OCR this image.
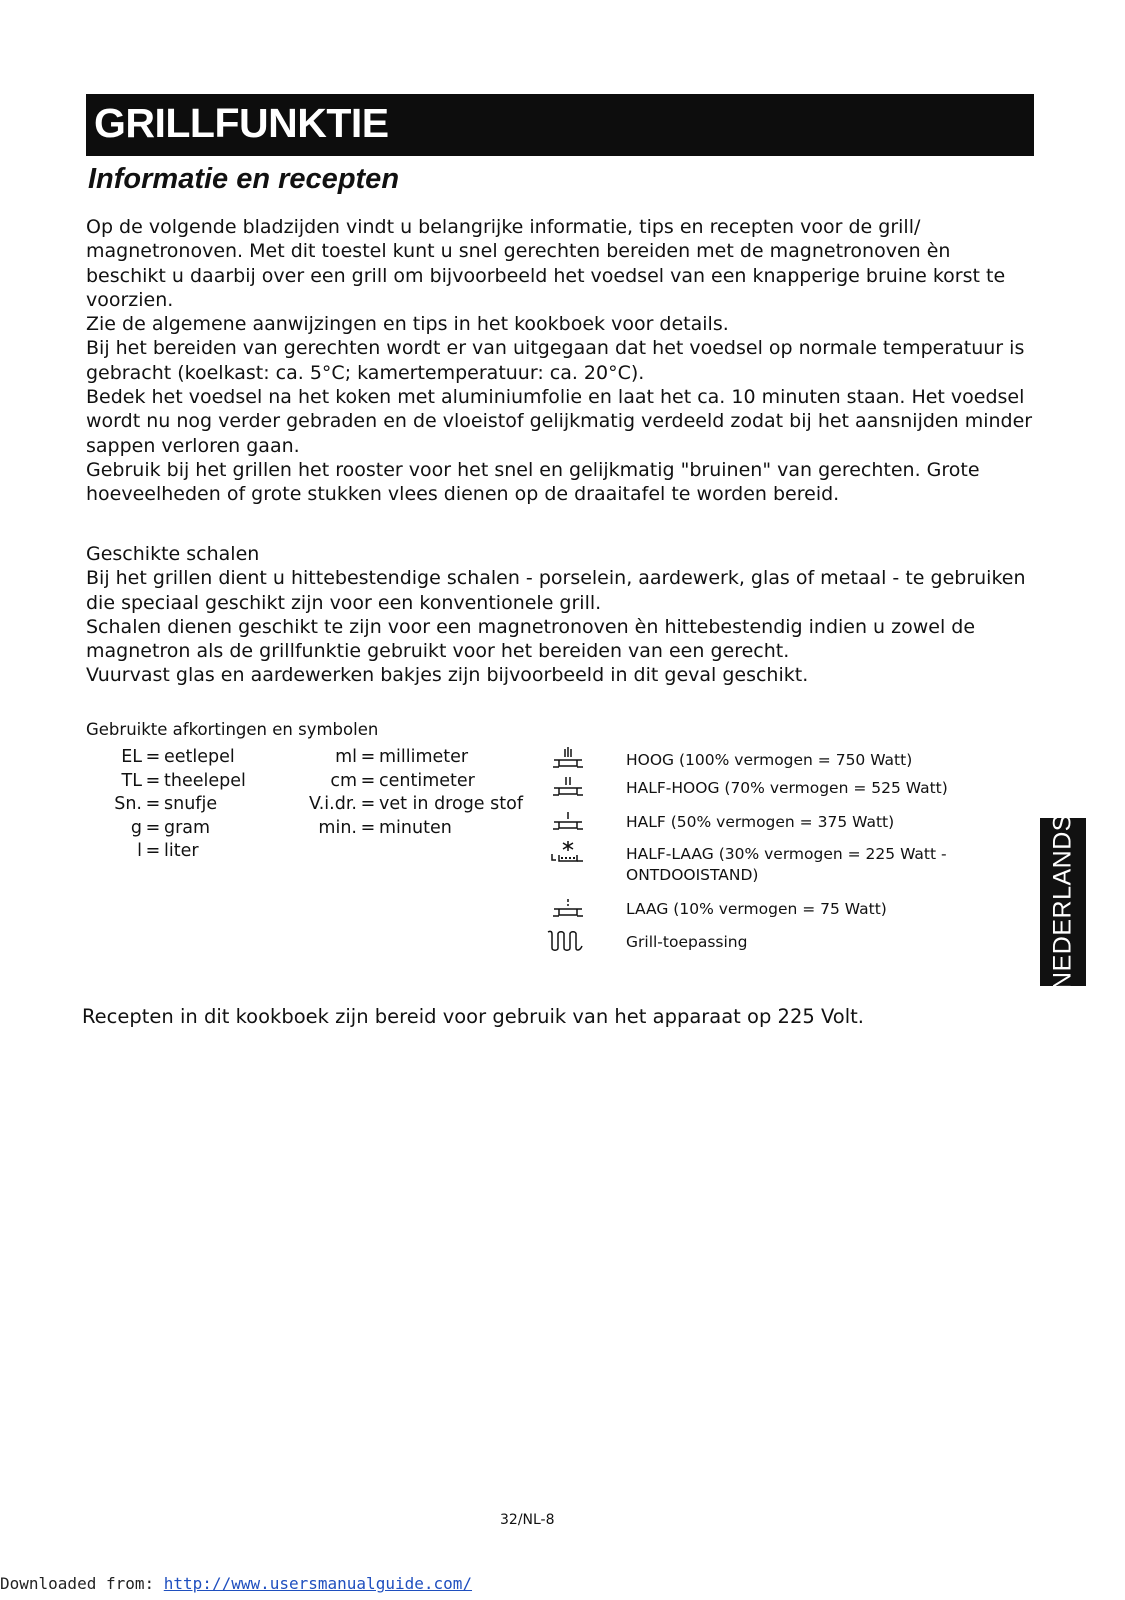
GRILLFUNKTIE
Informatie en recepten
Op de volgende bladzijden vindt u belangrijke informatie, tips en recepten voor de grill/
magnetronoven. Met dit toestel kunt u snel gerechten bereiden met de magnetronoven èn
beschikt u daarbij over een grill om bijvoorbeeld het voedsel van een knapperige bruine korst te
voorzien.
Zie de algemene aanwijzingen en tips in het kookboek voor details.
Bij het bereiden van gerechten wordt er van uitgegaan dat het voedsel op normale temperatuur is
gebracht (koelkast: ca. 5°C; kamertemperatuur: ca. 20°C).
Bedek het voedsel na het koken met aluminiumfolie en laat het ca. 10 minuten staan. Het voedsel
wordt nu nog verder gebraden en de vloeistof gelijkmatig verdeeld zodat bij het aansnijden minder
sappen verloren gaan.
Gebruik bij het grillen het rooster voor het snel en gelijkmatig "bruinen" van gerechten. Grote
hoeveelheden of grote stukken vlees dienen op de draaitafel te worden bereid.
Geschikte schalen
Bij het grillen dient u hittebestendige schalen - porselein, aardewerk, glas of metaal - te gebruiken
die speciaal geschikt zijn voor een konventionele grill.
Schalen dienen geschikt te zijn voor een magnetronoven èn hittebestendig indien u zowel de
magnetron als de grillfunktie gebruikt voor het bereiden van een gerecht.
Vuurvast glas en aardewerken bakjes zijn bijvoorbeeld in dit geval geschikt.
Gebruikte afkortingen en symbolen
EL = eetlepel
TL = theelepel
Sn. = snufje
g = gram
l = liter
ml = millimeter
cm = centimeter
V.i.dr. = vet in droge stof
min. = minuten
HOOG (100% vermogen = 750 Watt)
HALF-HOOG (70% vermogen = 525 Watt)
HALF (50% vermogen = 375 Watt)
HALF-LAAG (30% vermogen = 225 Watt -
ONTDOOISTAND)
LAAG (10% vermogen = 75 Watt)
Grill-toepassing
Recepten in dit kookboek zijn bereid voor gebruik van het apparaat op 225 Volt.
NEDERLANDS
32/NL-8
Downloaded from: http://www.usersmanualguide.com/
